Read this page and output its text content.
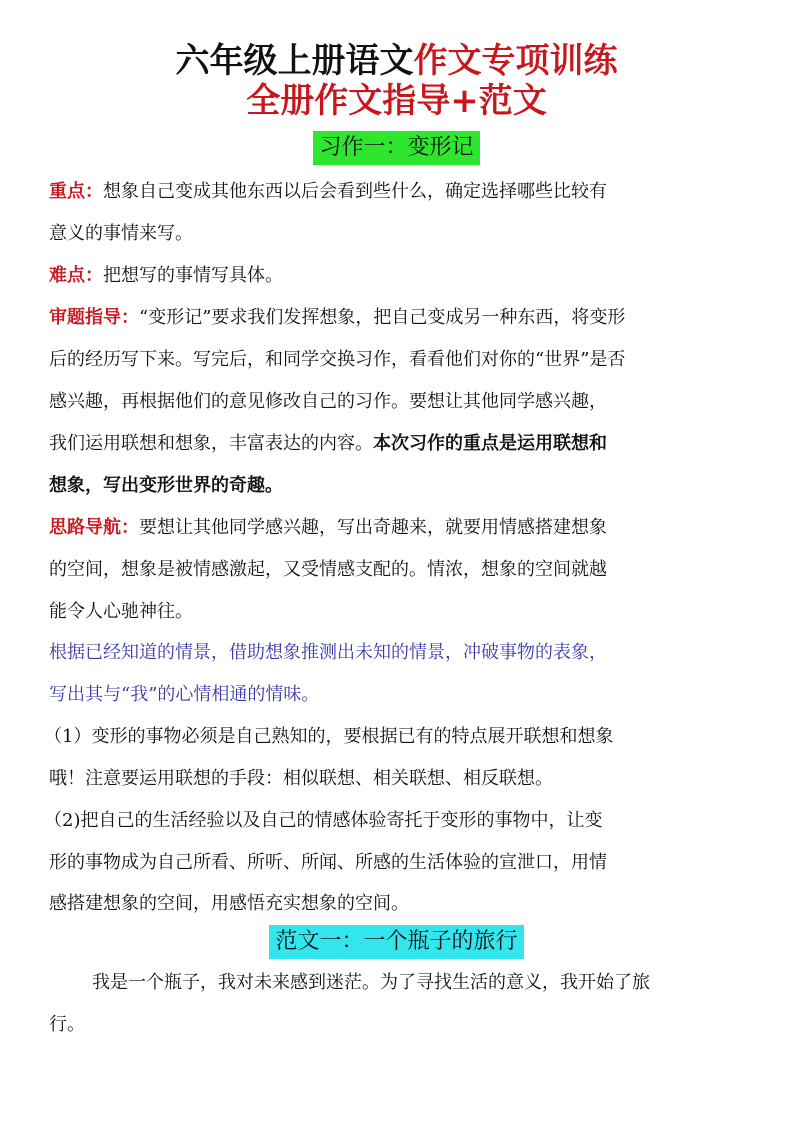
六年级上册语文作文专项训练
全册作文指导+范文
习作一：变形记
重点：想象自己变成其他东西以后会看到些什么，确定选择哪些比较有
意义的事情来写。
难点：把想写的事情写具体。
审题指导：“变形记”要求我们发挥想象，把自己变成另一种东西，将变形
后的经历写下来。写完后，和同学交换习作，看看他们对你的“世界”是否
感兴趣，再根据他们的意见修改自己的习作。要想让其他同学感兴趣，
我们运用联想和想象，丰富表达的内容。本次习作的重点是运用联想和
想象，写出变形世界的奇趣。
思路导航：要想让其他同学感兴趣，写出奇趣来，就要用情感搭建想象
的空间，想象是被情感激起，又受情感支配的。情浓，想象的空间就越
能令人心驰神往。
根据已经知道的情景，借助想象推测出未知的情景，冲破事物的表象，
写出其与“我”的心情相通的情味。
（1）变形的事物必须是自己熟知的，要根据已有的特点展开联想和想象
哦！注意要运用联想的手段：相似联想、相关联想、相反联想。
（2)把自己的生活经验以及自己的情感体验寄托于变形的事物中，让变
形的事物成为自己所看、所听、所闻、所感的生活体验的宣泄口，用情
感搭建想象的空间，用感悟充实想象的空间。
范文一：一个瓶子的旅行
我是一个瓶子，我对未来感到迷茫。为了寻找生活的意义，我开始了旅
行。
